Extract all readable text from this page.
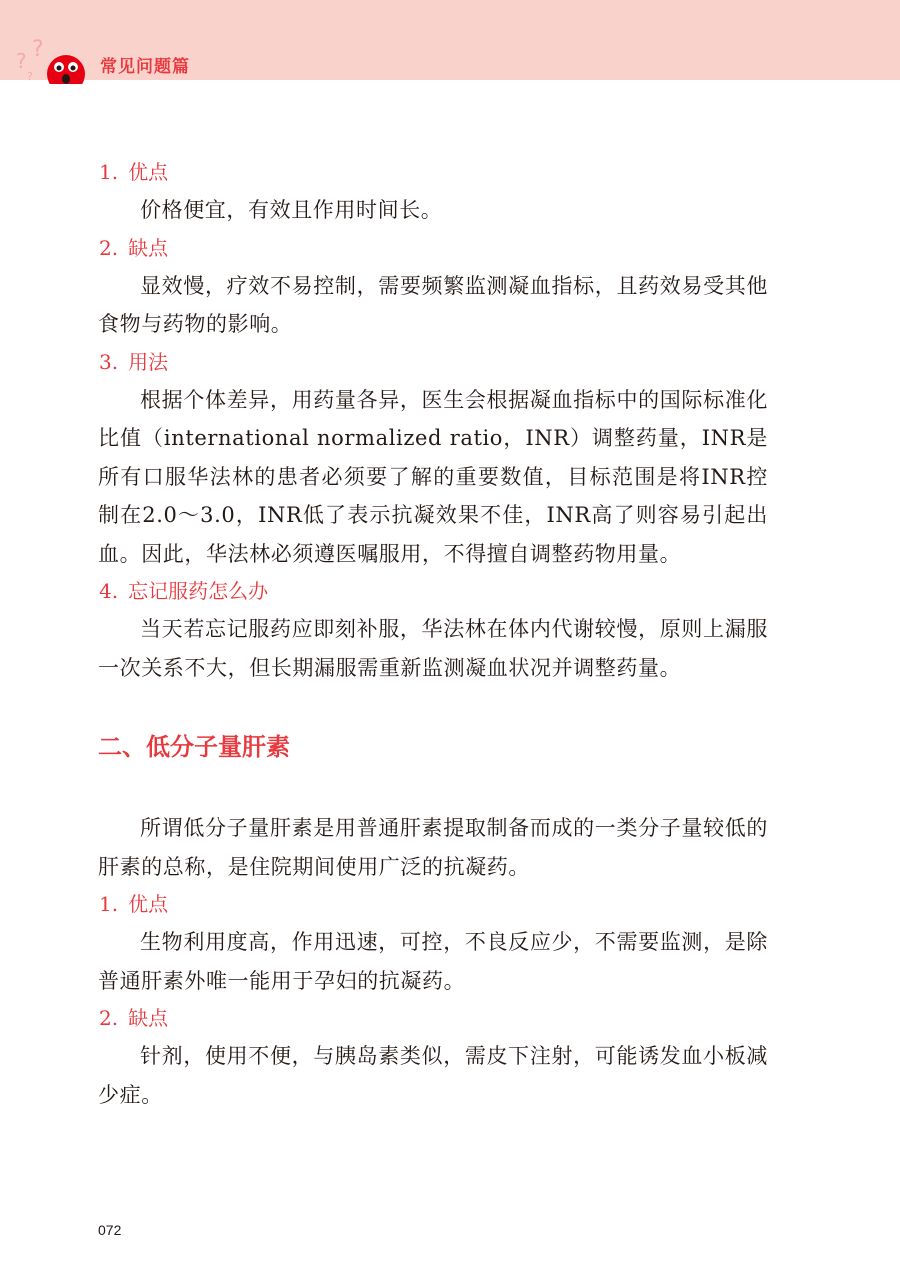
? ?
?	常见问题篇
1. 优点

价格便宜，有效且作用时间长。

2. 缺点

显效慢，疗效不易控制，需要频繁监测凝血指标，且药效易受其他食物与药物的影响。

3. 用法

根据个体差异，用药量各异，医生会根据凝血指标中的国际标准化比值（international normalized ratio，INR）调整药量，INR是所有口服华法林的患者必须要了解的重要数值，目标范围是将INR控制在2.0～3.0，INR低了表示抗凝效果不佳，INR高了则容易引起出血。因此，华法林必须遵医嘱服用，不得擅自调整药物用量。

4. 忘记服药怎么办

当天若忘记服药应即刻补服，华法林在体内代谢较慢，原则上漏服一次关系不大，但长期漏服需重新监测凝血状况并调整药量。

二、低分子量肝素

所谓低分子量肝素是用普通肝素提取制备而成的一类分子量较低的肝素的总称，是住院期间使用广泛的抗凝药。

1. 优点

生物利用度高，作用迅速，可控，不良反应少，不需要监测，是除普通肝素外唯一能用于孕妇的抗凝药。

2. 缺点

针剂，使用不便，与胰岛素类似，需皮下注射，可能诱发血小板减少症。

072
